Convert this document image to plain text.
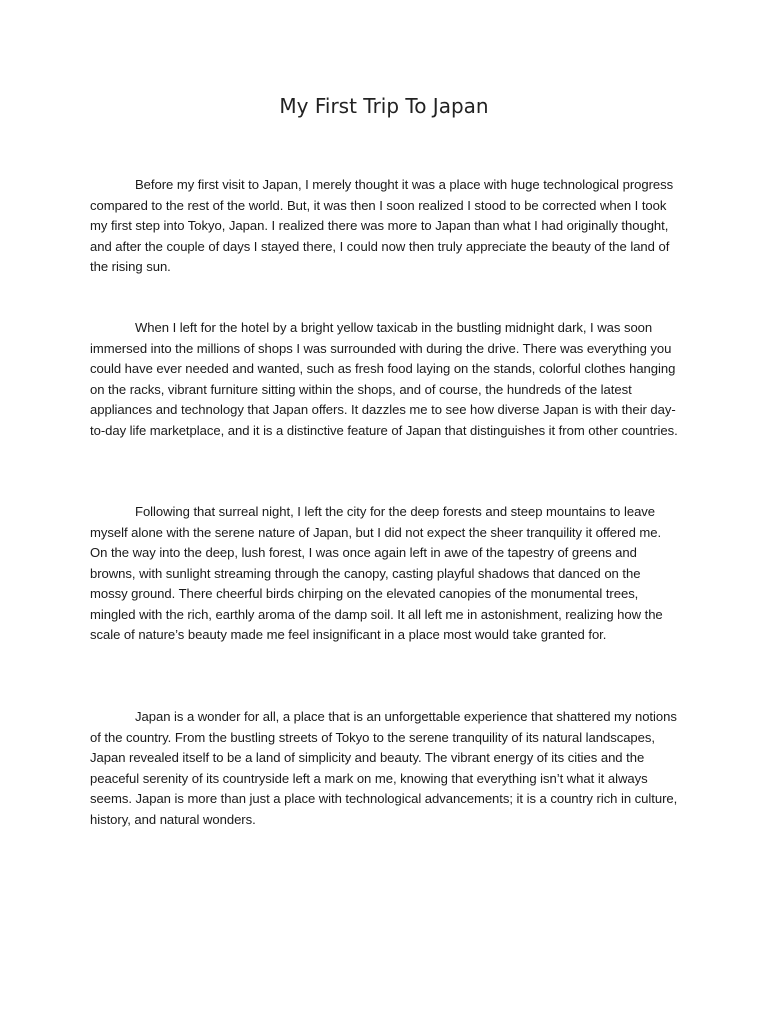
My First Trip To Japan

Before my first visit to Japan, I merely thought it was a place with huge technological progress compared to the rest of the world. But, it was then I soon realized I stood to be corrected when I took my first step into Tokyo, Japan. I realized there was more to Japan than what I had originally thought, and after the couple of days I stayed there, I could now then truly appreciate the beauty of the land of the rising sun.

When I left for the hotel by a bright yellow taxicab in the bustling midnight dark, I was soon immersed into the millions of shops I was surrounded with during the drive. There was everything you could have ever needed and wanted, such as fresh food laying on the stands, colorful clothes hanging on the racks, vibrant furniture sitting within the shops, and of course, the hundreds of the latest appliances and technology that Japan offers. It dazzles me to see how diverse Japan is with their day-to-day life marketplace, and it is a distinctive feature of Japan that distinguishes it from other countries.

Following that surreal night, I left the city for the deep forests and steep mountains to leave myself alone with the serene nature of Japan, but I did not expect the sheer tranquility it offered me. On the way into the deep, lush forest, I was once again left in awe of the tapestry of greens and browns, with sunlight streaming through the canopy, casting playful shadows that danced on the mossy ground. There cheerful birds chirping on the elevated canopies of the monumental trees, mingled with the rich, earthly aroma of the damp soil. It all left me in astonishment, realizing how the scale of nature’s beauty made me feel insignificant in a place most would take granted for.

Japan is a wonder for all, a place that is an unforgettable experience that shattered my notions of the country. From the bustling streets of Tokyo to the serene tranquility of its natural landscapes, Japan revealed itself to be a land of simplicity and beauty. The vibrant energy of its cities and the peaceful serenity of its countryside left a mark on me, knowing that everything isn’t what it always seems. Japan is more than just a place with technological advancements; it is a country rich in culture, history, and natural wonders.
